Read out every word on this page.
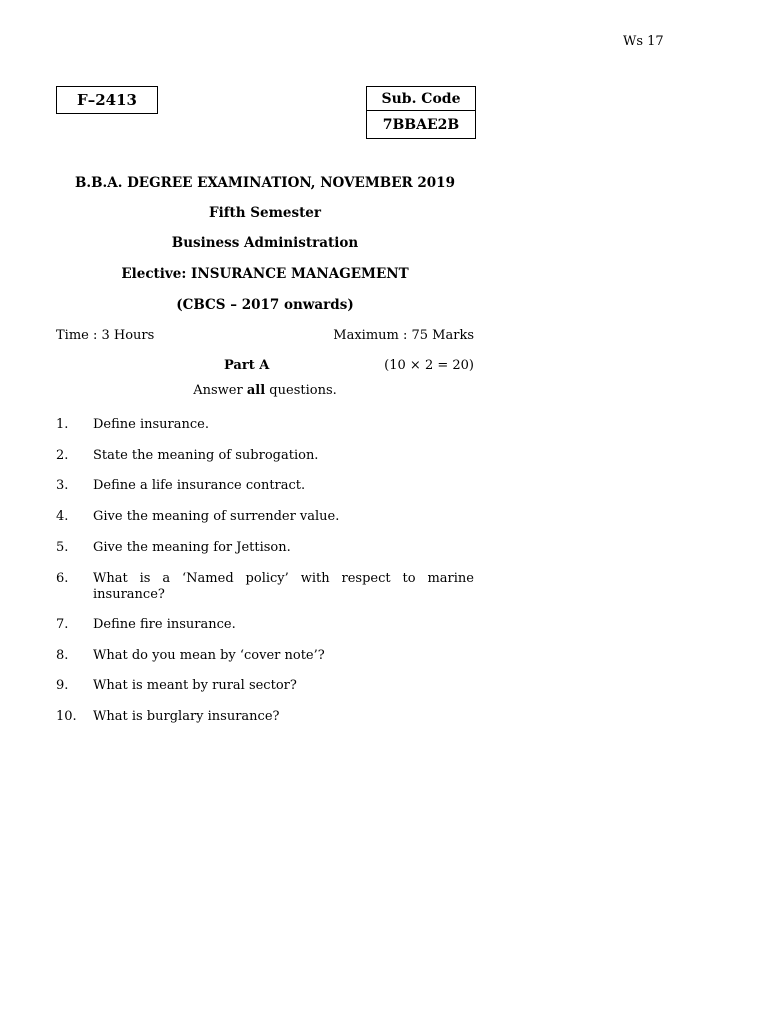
Ws 17
F–2413	Sub. Code
7BBAE2B
B.B.A. DEGREE EXAMINATION, NOVEMBER 2019
Fifth Semester
Business Administration
Elective: INSURANCE MANAGEMENT
(CBCS – 2017 onwards)
Time : 3 Hours	Maximum : 75 Marks
Part A	(10 × 2 = 20)
Answer all questions.
1. Define insurance.
2. State the meaning of subrogation.
3. Define a life insurance contract.
4. Give the meaning of surrender value.
5. Give the meaning for Jettison.
6. What is a ‘Named policy’ with respect to marine insurance?
7. Define fire insurance.
8. What do you mean by ‘cover note’?
9. What is meant by rural sector?
10. What is burglary insurance?
